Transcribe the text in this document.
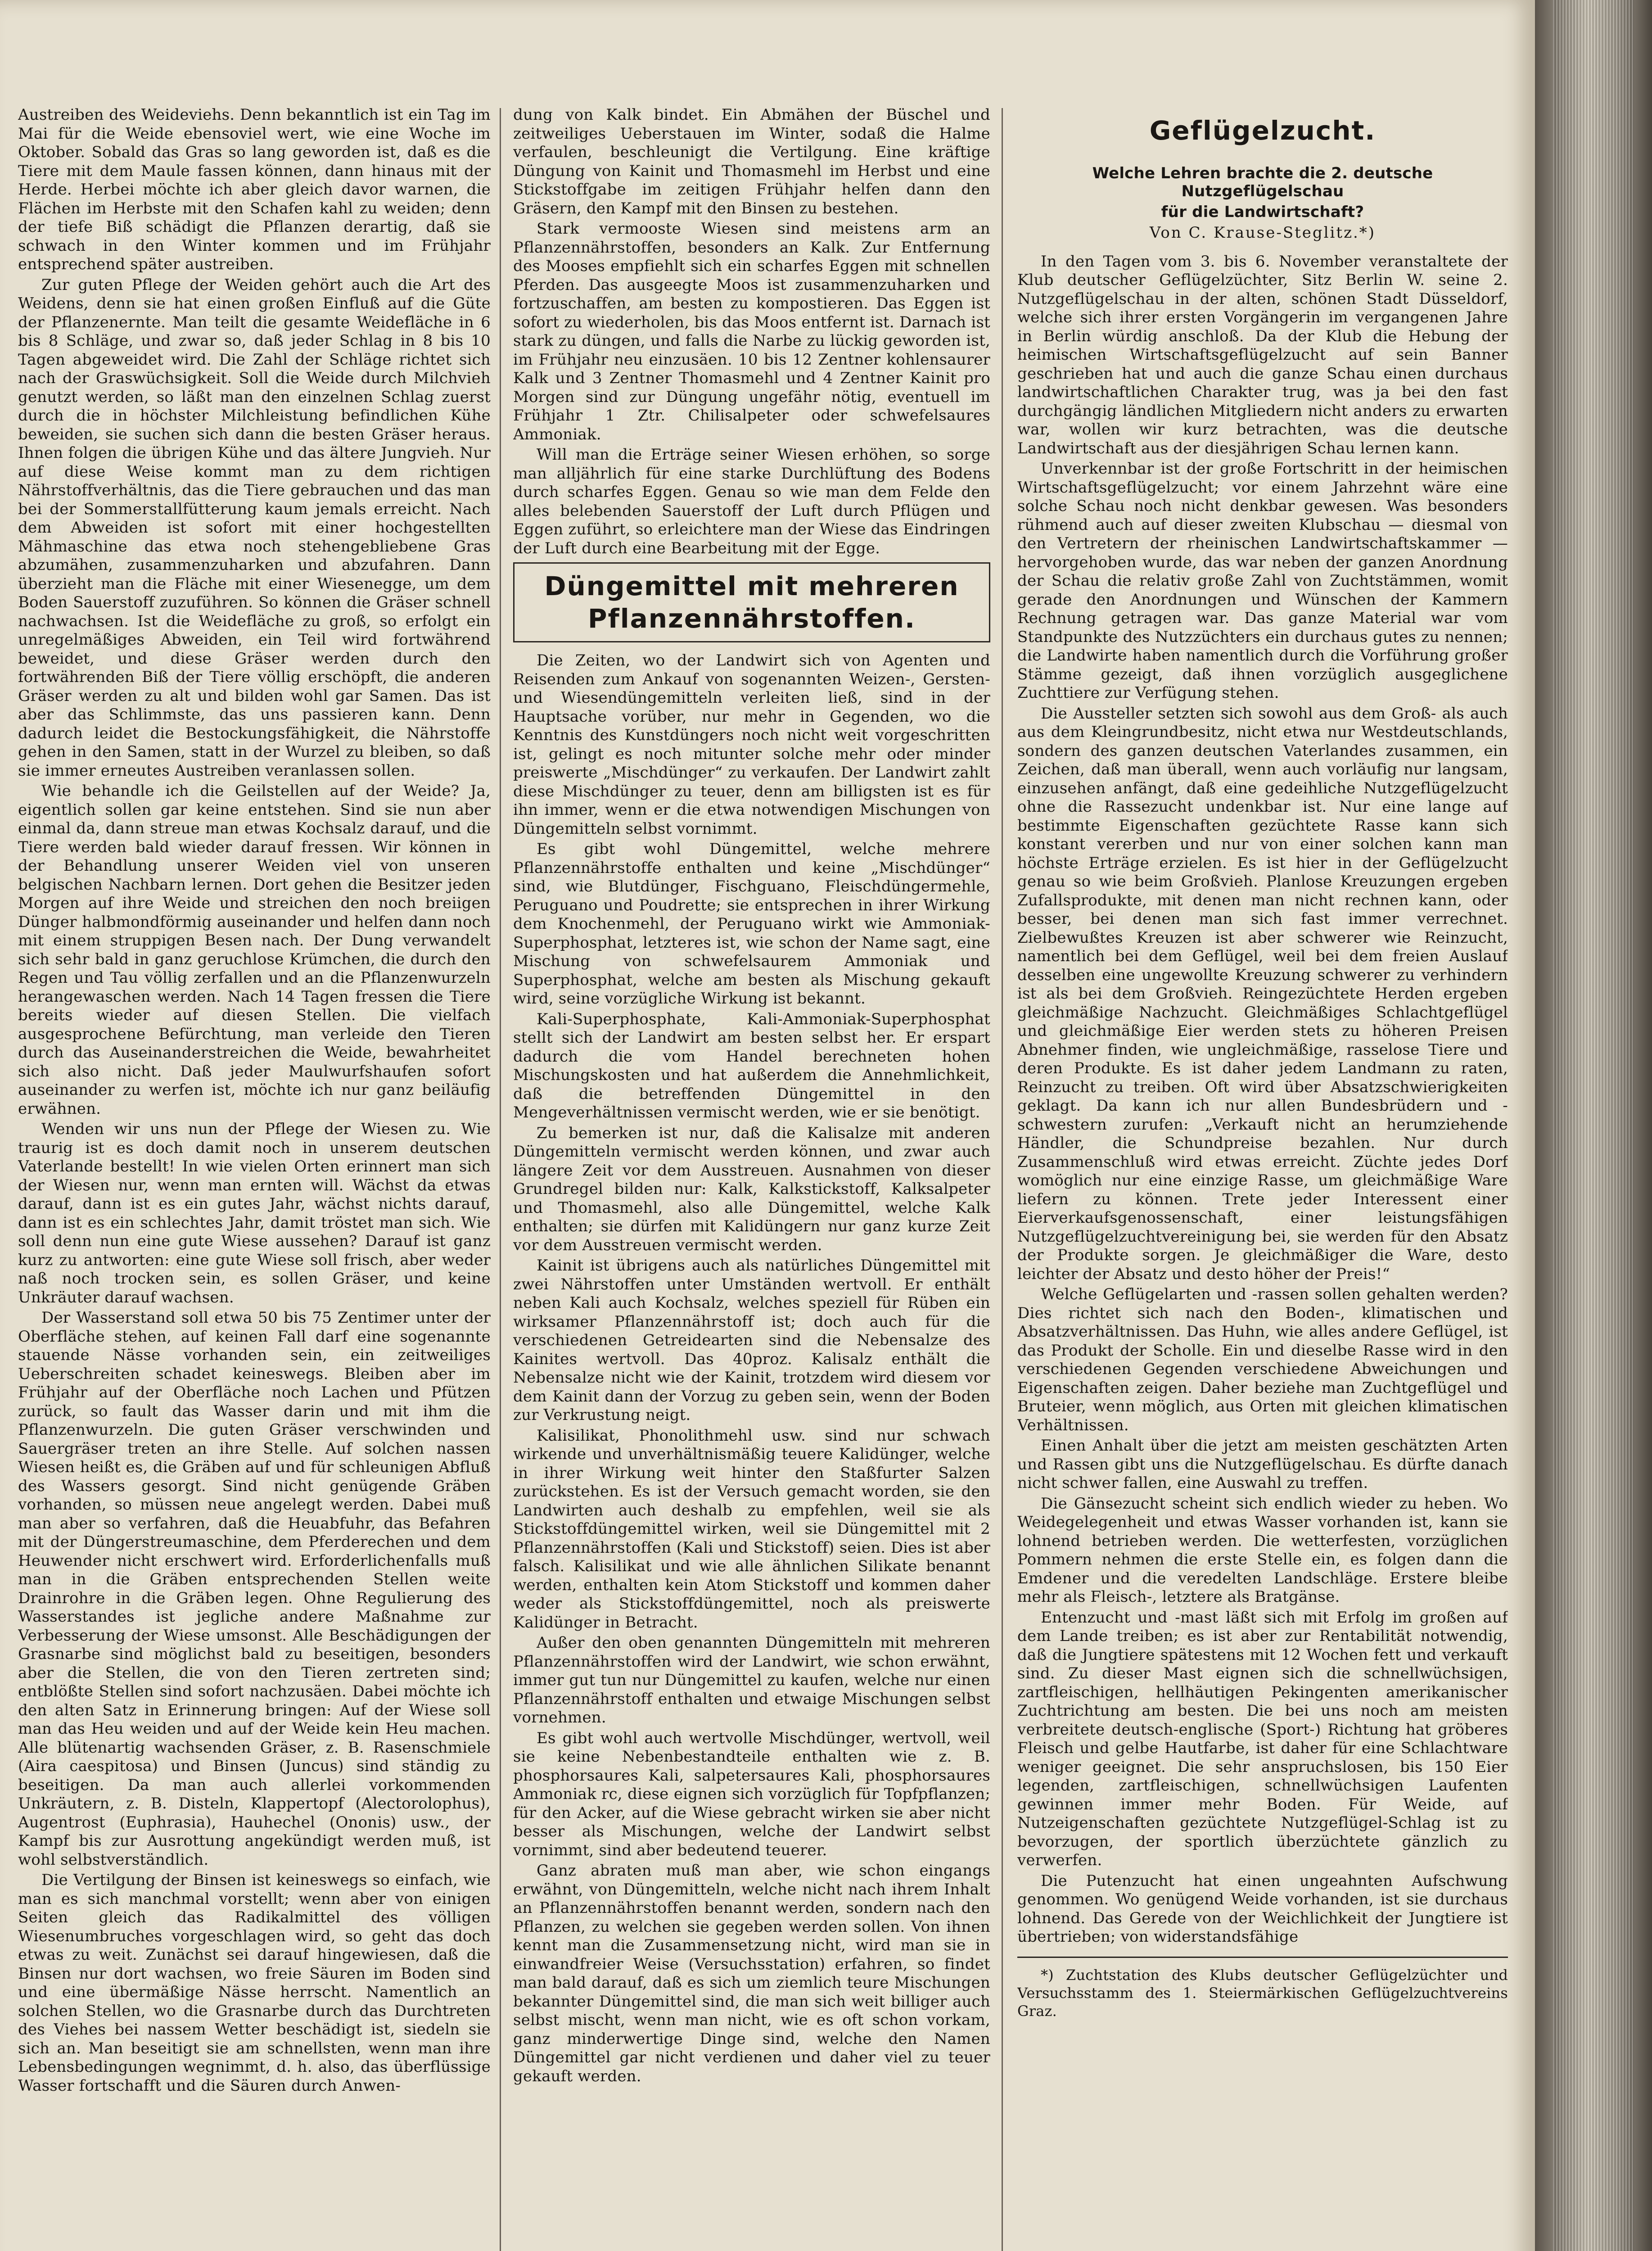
Austreiben des Weideviehs. Denn bekanntlich ist ein Tag im Mai für die Weide ebensoviel wert, wie eine Woche im Oktober. Sobald das Gras so lang geworden ist, daß es die Tiere mit dem Maule fassen können, dann hinaus mit der Herde. Herbei möchte ich aber gleich davor warnen, die Flächen im Herbste mit den Schafen kahl zu weiden; denn der tiefe Biß schädigt die Pflanzen derartig, daß sie schwach in den Winter kommen und im Frühjahr entsprechend später austreiben.

Zur guten Pflege der Weiden gehört auch die Art des Weidens, denn sie hat einen großen Einfluß auf die Güte der Pflanzenernte. Man teilt die gesamte Weidefläche in 6 bis 8 Schläge, und zwar so, daß jeder Schlag in 8 bis 10 Tagen abgeweidet wird. Die Zahl der Schläge richtet sich nach der Graswüchsigkeit. Soll die Weide durch Milchvieh genutzt werden, so läßt man den einzelnen Schlag zuerst durch die in höchster Milchleistung befindlichen Kühe beweiden, sie suchen sich dann die besten Gräser heraus. Ihnen folgen die übrigen Kühe und das ältere Jungvieh. Nur auf diese Weise kommt man zu dem richtigen Nährstoffverhältnis, das die Tiere gebrauchen und das man bei der Sommerstallfütterung kaum jemals erreicht. Nach dem Abweiden ist sofort mit einer hochgestellten Mähmaschine das etwa noch stehengebliebene Gras abzumähen, zusammenzuharken und abzufahren. Dann überzieht man die Fläche mit einer Wiesenegge, um dem Boden Sauerstoff zuzuführen. So können die Gräser schnell nachwachsen. Ist die Weidefläche zu groß, so erfolgt ein unregelmäßiges Abweiden, ein Teil wird fortwährend beweidet, und diese Gräser werden durch den fortwährenden Biß der Tiere völlig erschöpft, die anderen Gräser werden zu alt und bilden wohl gar Samen. Das ist aber das Schlimmste, das uns passieren kann. Denn dadurch leidet die Bestockungsfähigkeit, die Nährstoffe gehen in den Samen, statt in der Wurzel zu bleiben, so daß sie immer erneutes Austreiben veranlassen sollen.

Wie behandle ich die Geilstellen auf der Weide? Ja, eigentlich sollen gar keine entstehen. Sind sie nun aber einmal da, dann streue man etwas Kochsalz darauf, und die Tiere werden bald wieder darauf fressen. Wir können in der Behandlung unserer Weiden viel von unseren belgischen Nachbarn lernen. Dort gehen die Besitzer jeden Morgen auf ihre Weide und streichen den noch breiigen Dünger halbmondförmig auseinander und helfen dann noch mit einem struppigen Besen nach. Der Dung verwandelt sich sehr bald in ganz geruchlose Krümchen, die durch den Regen und Tau völlig zerfallen und an die Pflanzenwurzeln herangewaschen werden. Nach 14 Tagen fressen die Tiere bereits wieder auf diesen Stellen. Die vielfach ausgesprochene Befürchtung, man verleide den Tieren durch das Auseinanderstreichen die Weide, bewahrheitet sich also nicht. Daß jeder Maulwurfshaufen sofort auseinander zu werfen ist, möchte ich nur ganz beiläufig erwähnen.

Wenden wir uns nun der Pflege der Wiesen zu. Wie traurig ist es doch damit noch in unserem deutschen Vaterlande bestellt! In wie vielen Orten erinnert man sich der Wiesen nur, wenn man ernten will. Wächst da etwas darauf, dann ist es ein gutes Jahr, wächst nichts darauf, dann ist es ein schlechtes Jahr, damit tröstet man sich. Wie soll denn nun eine gute Wiese aussehen? Darauf ist ganz kurz zu antworten: eine gute Wiese soll frisch, aber weder naß noch trocken sein, es sollen Gräser, und keine Unkräuter darauf wachsen.

Der Wasserstand soll etwa 50 bis 75 Zentimer unter der Oberfläche stehen, auf keinen Fall darf eine sogenannte stauende Nässe vorhanden sein, ein zeitweiliges Ueberschreiten schadet keineswegs. Bleiben aber im Frühjahr auf der Oberfläche noch Lachen und Pfützen zurück, so fault das Wasser darin und mit ihm die Pflanzenwurzeln. Die guten Gräser verschwinden und Sauergräser treten an ihre Stelle. Auf solchen nassen Wiesen heißt es, die Gräben auf und für schleunigen Abfluß des Wassers gesorgt. Sind nicht genügende Gräben vorhanden, so müssen neue angelegt werden. Dabei muß man aber so verfahren, daß die Heuabfuhr, das Befahren mit der Düngerstreumaschine, dem Pferderechen und dem Heuwender nicht erschwert wird. Erforderlichenfalls muß man in die Gräben entsprechenden Stellen weite Drainrohre in die Gräben legen. Ohne Regulierung des Wasserstandes ist jegliche andere Maßnahme zur Verbesserung der Wiese umsonst. Alle Beschädigungen der Grasnarbe sind möglichst bald zu beseitigen, besonders aber die Stellen, die von den Tieren zertreten sind; entblößte Stellen sind sofort nachzusäen. Dabei möchte ich den alten Satz in Erinnerung bringen: Auf der Wiese soll man das Heu weiden und auf der Weide kein Heu machen. Alle blütenartig wachsenden Gräser, z. B. Rasenschmiele (Aira caespitosa) und Binsen (Juncus) sind ständig zu beseitigen. Da man auch allerlei vorkommenden Unkräutern, z. B. Disteln, Klappertopf (Alectorolophus), Augentrost (Euphrasia), Hauhechel (Ononis) usw., der Kampf bis zur Ausrottung angekündigt werden muß, ist wohl selbstverständlich.

Die Vertilgung der Binsen ist keineswegs so einfach, wie man es sich manchmal vorstellt; wenn aber von einigen Seiten gleich das Radikalmittel des völligen Wiesenumbruches vorgeschlagen wird, so geht das doch etwas zu weit. Zunächst sei darauf hingewiesen, daß die Binsen nur dort wachsen, wo freie Säuren im Boden sind und eine übermäßige Nässe herrscht. Namentlich an solchen Stellen, wo die Grasnarbe durch das Durchtreten des Viehes bei nassem Wetter beschädigt ist, siedeln sie sich an. Man beseitigt sie am schnellsten, wenn man ihre Lebensbedingungen wegnimmt, d. h. also, das überflüssige Wasser fortschafft und die Säuren durch Anwen-

dung von Kalk bindet. Ein Abmähen der Büschel und zeitweiliges Ueberstauen im Winter, sodaß die Halme verfaulen, beschleunigt die Vertilgung. Eine kräftige Düngung von Kainit und Thomasmehl im Herbst und eine Stickstoffgabe im zeitigen Frühjahr helfen dann den Gräsern, den Kampf mit den Binsen zu bestehen.

Stark vermooste Wiesen sind meistens arm an Pflanzennährstoffen, besonders an Kalk. Zur Entfernung des Mooses empfiehlt sich ein scharfes Eggen mit schnellen Pferden. Das ausgeegte Moos ist zusammenzuharken und fortzuschaffen, am besten zu kompostieren. Das Eggen ist sofort zu wiederholen, bis das Moos entfernt ist. Darnach ist stark zu düngen, und falls die Narbe zu lückig geworden ist, im Frühjahr neu einzusäen. 10 bis 12 Zentner kohlensaurer Kalk und 3 Zentner Thomasmehl und 4 Zentner Kainit pro Morgen sind zur Düngung ungefähr nötig, eventuell im Frühjahr 1 Ztr. Chilisalpeter oder schwefelsaures Ammoniak.

Will man die Erträge seiner Wiesen erhöhen, so sorge man alljährlich für eine starke Durchlüftung des Bodens durch scharfes Eggen. Genau so wie man dem Felde den alles belebenden Sauerstoff der Luft durch Pflügen und Eggen zuführt, so erleichtere man der Wiese das Eindringen der Luft durch eine Bearbeitung mit der Egge.

Düngemittel mit mehreren Pflanzennährstoffen.

Die Zeiten, wo der Landwirt sich von Agenten und Reisenden zum Ankauf von sogenannten Weizen-, Gersten- und Wiesendüngemitteln verleiten ließ, sind in der Hauptsache vorüber, nur mehr in Gegenden, wo die Kenntnis des Kunstdüngers noch nicht weit vorgeschritten ist, gelingt es noch mitunter solche mehr oder minder preiswerte „Mischdünger“ zu verkaufen. Der Landwirt zahlt diese Mischdünger zu teuer, denn am billigsten ist es für ihn immer, wenn er die etwa notwendigen Mischungen von Düngemitteln selbst vornimmt.

Es gibt wohl Düngemittel, welche mehrere Pflanzennährstoffe enthalten und keine „Mischdünger“ sind, wie Blutdünger, Fischguano, Fleischdüngermehle, Peruguano und Poudrette; sie entsprechen in ihrer Wirkung dem Knochenmehl, der Peruguano wirkt wie Ammoniak-Superphosphat, letzteres ist, wie schon der Name sagt, eine Mischung von schwefelsaurem Ammoniak und Superphosphat, welche am besten als Mischung gekauft wird, seine vorzügliche Wirkung ist bekannt.

Kali-Superphosphate, Kali-Ammoniak-Superphosphat stellt sich der Landwirt am besten selbst her. Er erspart dadurch die vom Handel berechneten hohen Mischungskosten und hat außerdem die Annehmlichkeit, daß die betreffenden Düngemittel in den Mengeverhältnissen vermischt werden, wie er sie benötigt.

Zu bemerken ist nur, daß die Kalisalze mit anderen Düngemitteln vermischt werden können, und zwar auch längere Zeit vor dem Ausstreuen. Ausnahmen von dieser Grundregel bilden nur: Kalk, Kalkstickstoff, Kalksalpeter und Thomasmehl, also alle Düngemittel, welche Kalk enthalten; sie dürfen mit Kalidüngern nur ganz kurze Zeit vor dem Ausstreuen vermischt werden.

Kainit ist übrigens auch als natürliches Düngemittel mit zwei Nährstoffen unter Umständen wertvoll. Er enthält neben Kali auch Kochsalz, welches speziell für Rüben ein wirksamer Pflanzennährstoff ist; doch auch für die verschiedenen Getreidearten sind die Nebensalze des Kainites wertvoll. Das 40proz. Kalisalz enthält die Nebensalze nicht wie der Kainit, trotzdem wird diesem vor dem Kainit dann der Vorzug zu geben sein, wenn der Boden zur Verkrustung neigt.

Kalisilikat, Phonolithmehl usw. sind nur schwach wirkende und unverhältnismäßig teuere Kalidünger, welche in ihrer Wirkung weit hinter den Staßfurter Salzen zurückstehen. Es ist der Versuch gemacht worden, sie den Landwirten auch deshalb zu empfehlen, weil sie als Stickstoffdüngemittel wirken, weil sie Düngemittel mit 2 Pflanzennährstoffen (Kali und Stickstoff) seien. Dies ist aber falsch. Kalisilikat und wie alle ähnlichen Silikate benannt werden, enthalten kein Atom Stickstoff und kommen daher weder als Stickstoffdüngemittel, noch als preiswerte Kalidünger in Betracht.

Außer den oben genannten Düngemitteln mit mehreren Pflanzennährstoffen wird der Landwirt, wie schon erwähnt, immer gut tun nur Düngemittel zu kaufen, welche nur einen Pflanzennährstoff enthalten und etwaige Mischungen selbst vornehmen.

Es gibt wohl auch wertvolle Mischdünger, wertvoll, weil sie keine Nebenbestandteile enthalten wie z. B. phosphorsaures Kali, salpetersaures Kali, phosphorsaures Ammoniak rc, diese eignen sich vorzüglich für Topfpflanzen; für den Acker, auf die Wiese gebracht wirken sie aber nicht besser als Mischungen, welche der Landwirt selbst vornimmt, sind aber bedeutend teuerer.

Ganz abraten muß man aber, wie schon eingangs erwähnt, von Düngemitteln, welche nicht nach ihrem Inhalt an Pflanzennährstoffen benannt werden, sondern nach den Pflanzen, zu welchen sie gegeben werden sollen. Von ihnen kennt man die Zusammensetzung nicht, wird man sie in einwandfreier Weise (Versuchsstation) erfahren, so findet man bald darauf, daß es sich um ziemlich teure Mischungen bekannter Düngemittel sind, die man sich weit billiger auch selbst mischt, wenn man nicht, wie es oft schon vorkam, ganz minderwertige Dinge sind, welche den Namen Düngemittel gar nicht verdienen und daher viel zu teuer gekauft werden.

Geflügelzucht.
Welche Lehren brachte die 2. deutsche Nutzgeflügelschau
für die Landwirtschaft?
Von C. Krause-Steglitz.*)

In den Tagen vom 3. bis 6. November veranstaltete der Klub deutscher Geflügelzüchter, Sitz Berlin W. seine 2. Nutzgeflügelschau in der alten, schönen Stadt Düsseldorf, welche sich ihrer ersten Vorgängerin im vergangenen Jahre in Berlin würdig anschloß. Da der Klub die Hebung der heimischen Wirtschaftsgeflügelzucht auf sein Banner geschrieben hat und auch die ganze Schau einen durchaus landwirtschaftlichen Charakter trug, was ja bei den fast durchgängig ländlichen Mitgliedern nicht anders zu erwarten war, wollen wir kurz betrachten, was die deutsche Landwirtschaft aus der diesjährigen Schau lernen kann.

Unverkennbar ist der große Fortschritt in der heimischen Wirtschaftsgeflügelzucht; vor einem Jahrzehnt wäre eine solche Schau noch nicht denkbar gewesen. Was besonders rühmend auch auf dieser zweiten Klubschau — diesmal von den Vertretern der rheinischen Landwirtschaftskammer — hervorgehoben wurde, das war neben der ganzen Anordnung der Schau die relativ große Zahl von Zuchtstämmen, womit gerade den Anordnungen und Wünschen der Kammern Rechnung getragen war. Das ganze Material war vom Standpunkte des Nutzzüchters ein durchaus gutes zu nennen; die Landwirte haben namentlich durch die Vorführung großer Stämme gezeigt, daß ihnen vorzüglich ausgeglichene Zuchttiere zur Verfügung stehen.

Die Aussteller setzten sich sowohl aus dem Groß- als auch aus dem Kleingrundbesitz, nicht etwa nur Westdeutschlands, sondern des ganzen deutschen Vaterlandes zusammen, ein Zeichen, daß man überall, wenn auch vorläufig nur langsam, einzusehen anfängt, daß eine gedeihliche Nutzgeflügelzucht ohne die Rassezucht undenkbar ist. Nur eine lange auf bestimmte Eigenschaften gezüchtete Rasse kann sich konstant vererben und nur von einer solchen kann man höchste Erträge erzielen. Es ist hier in der Geflügelzucht genau so wie beim Großvieh. Planlose Kreuzungen ergeben Zufallsprodukte, mit denen man nicht rechnen kann, oder besser, bei denen man sich fast immer verrechnet. Zielbewußtes Kreuzen ist aber schwerer wie Reinzucht, namentlich bei dem Geflügel, weil bei dem freien Auslauf desselben eine ungewollte Kreuzung schwerer zu verhindern ist als bei dem Großvieh. Reingezüchtete Herden ergeben gleichmäßige Nachzucht. Gleichmäßiges Schlachtgeflügel und gleichmäßige Eier werden stets zu höheren Preisen Abnehmer finden, wie ungleichmäßige, rasselose Tiere und deren Produkte. Es ist daher jedem Landmann zu raten, Reinzucht zu treiben. Oft wird über Absatzschwierigkeiten geklagt. Da kann ich nur allen Bundesbrüdern und -schwestern zurufen: „Verkauft nicht an herumziehende Händler, die Schundpreise bezahlen. Nur durch Zusammenschluß wird etwas erreicht. Züchte jedes Dorf womöglich nur eine einzige Rasse, um gleichmäßige Ware liefern zu können. Trete jeder Interessent einer Eierverkaufsgenossenschaft, einer leistungsfähigen Nutzgeflügelzuchtvereinigung bei, sie werden für den Absatz der Produkte sorgen. Je gleichmäßiger die Ware, desto leichter der Absatz und desto höher der Preis!“

Welche Geflügelarten und -rassen sollen gehalten werden? Dies richtet sich nach den Boden-, klimatischen und Absatzverhältnissen. Das Huhn, wie alles andere Geflügel, ist das Produkt der Scholle. Ein und dieselbe Rasse wird in den verschiedenen Gegenden verschiedene Abweichungen und Eigenschaften zeigen. Daher beziehe man Zuchtgeflügel und Bruteier, wenn möglich, aus Orten mit gleichen klimatischen Verhältnissen.

Einen Anhalt über die jetzt am meisten geschätzten Arten und Rassen gibt uns die Nutzgeflügelschau. Es dürfte danach nicht schwer fallen, eine Auswahl zu treffen.

Die Gänsezucht scheint sich endlich wieder zu heben. Wo Weidegelegenheit und etwas Wasser vorhanden ist, kann sie lohnend betrieben werden. Die wetterfesten, vorzüglichen Pommern nehmen die erste Stelle ein, es folgen dann die Emdener und die veredelten Landschläge. Erstere bleibe mehr als Fleisch-, letztere als Bratgänse.

Entenzucht und -mast läßt sich mit Erfolg im großen auf dem Lande treiben; es ist aber zur Rentabilität notwendig, daß die Jungtiere spätestens mit 12 Wochen fett und verkauft sind. Zu dieser Mast eignen sich die schnellwüchsigen, zartfleischigen, hellhäutigen Pekingenten amerikanischer Zuchtrichtung am besten. Die bei uns noch am meisten verbreitete deutsch-englische (Sport-) Richtung hat gröberes Fleisch und gelbe Hautfarbe, ist daher für eine Schlachtware weniger geeignet. Die sehr anspruchslosen, bis 150 Eier legenden, zartfleischigen, schnellwüchsigen Laufenten gewinnen immer mehr Boden. Für Weide, auf Nutzeigenschaften gezüchtete Nutzgeflügel-Schlag ist zu bevorzugen, der sportlich überzüchtete gänzlich zu verwerfen.

Die Putenzucht hat einen ungeahnten Aufschwung genommen. Wo genügend Weide vorhanden, ist sie durchaus lohnend. Das Gerede von der Weichlichkeit der Jungtiere ist übertrieben; von widerstandsfähige

*) Zuchtstation des Klubs deutscher Geflügelzüchter und Versuchsstamm des 1. Steiermärkischen Geflügelzuchtvereins Graz.
